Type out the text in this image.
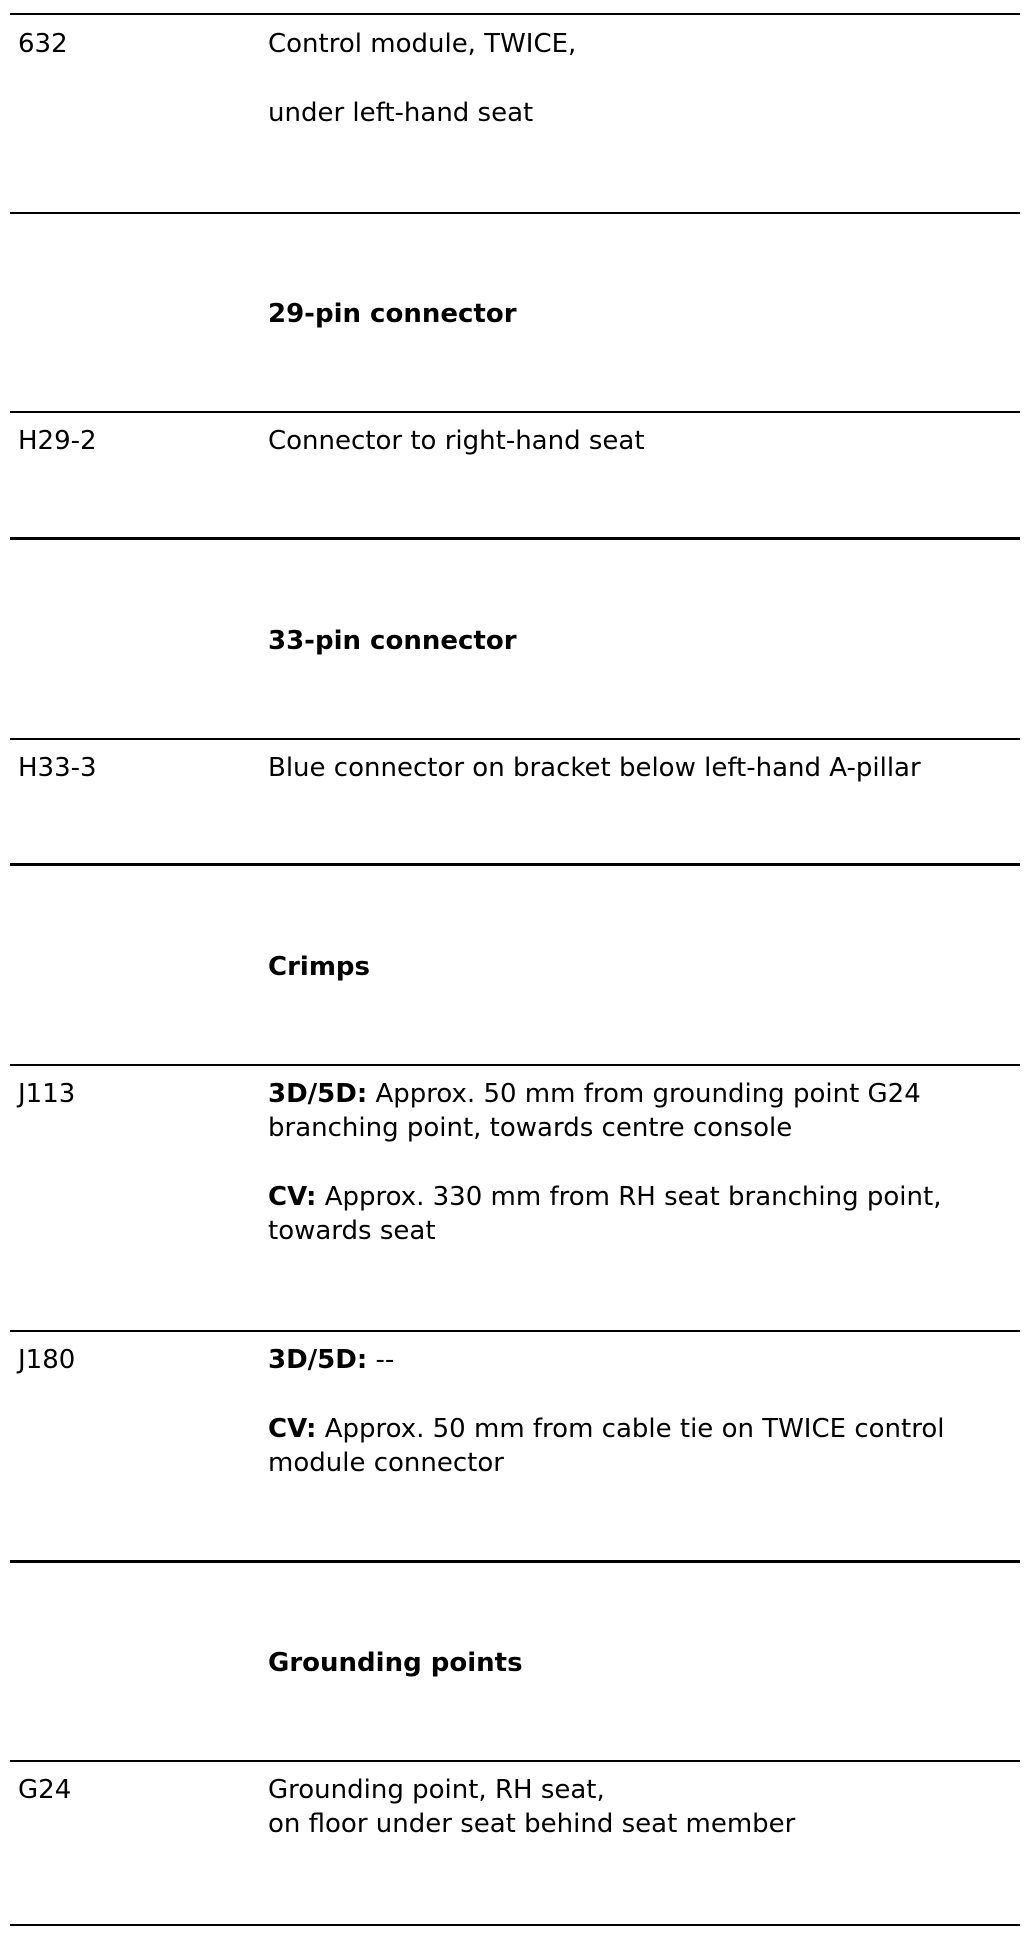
632	Control module, TWICE,
under left-hand seat
29-pin connector
H29-2	Connector to right-hand seat
33-pin connector
H33-3	Blue connector on bracket below left-hand A-pillar
Crimps
J113	3D/5D: Approx. 50 mm from grounding point G24
branching point, towards centre console
CV: Approx. 330 mm from RH seat branching point,
towards seat
J180	3D/5D: --
CV: Approx. 50 mm from cable tie on TWICE control
module connector
Grounding points
G24	Grounding point, RH seat,
on floor under seat behind seat member
